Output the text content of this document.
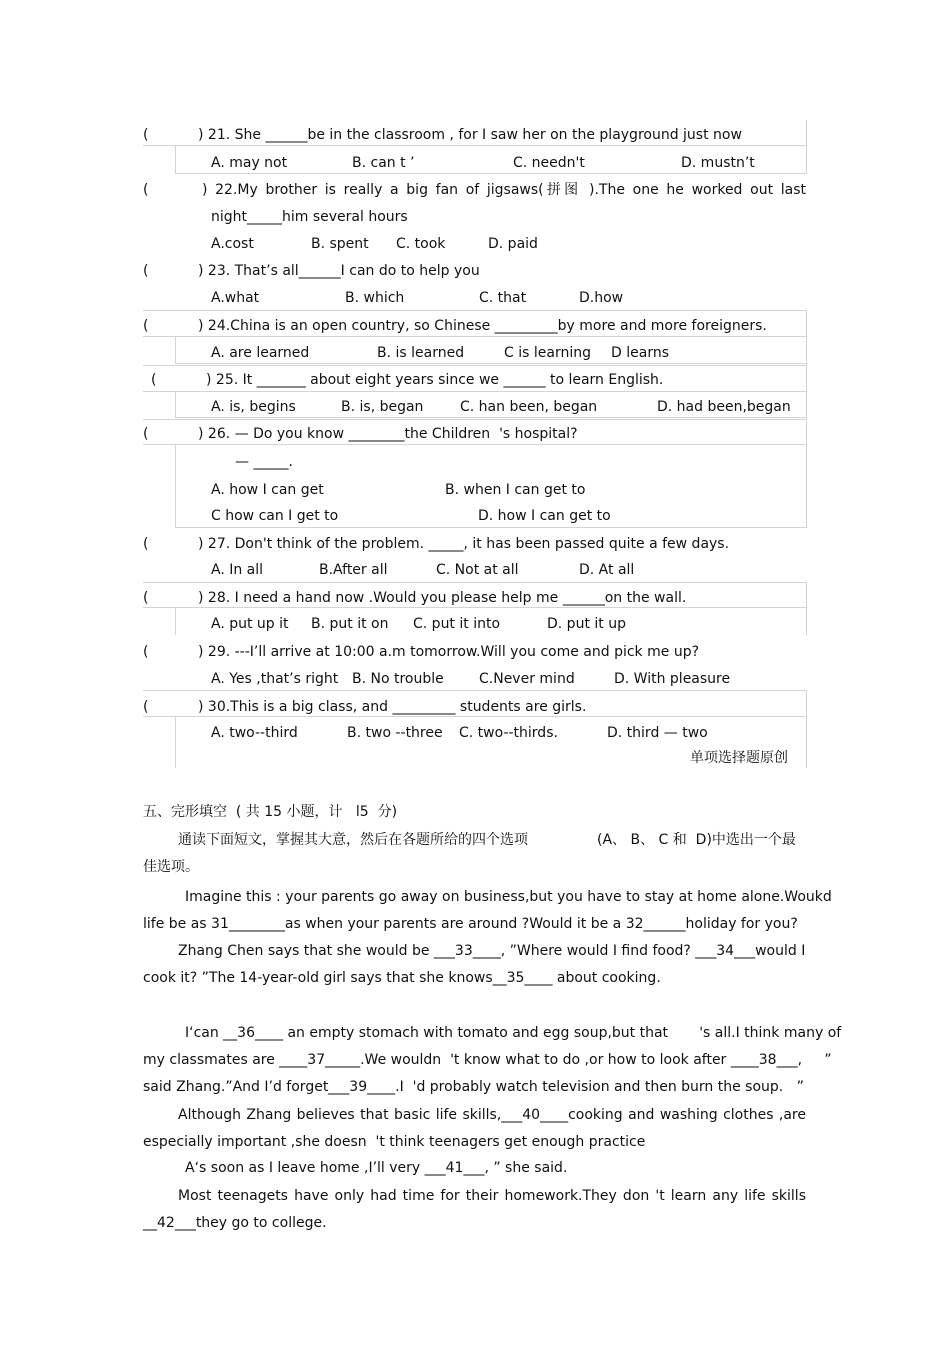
(	) 21. She ______be in the classroom , for I saw her on the playground just now
A. may not	B. can t ’	C. needn't	D. mustn’t
(	) 22.My brother is really a big fan of jigsaws(拼图 ).The one he worked out last
night_____him several hours
A.cost	B. spent C. took	D. paid
(	) 23. That’s all______I can do to help you
A.what	B. which	C. that	D.how
(	) 24.China is an open country, so Chinese _________by more and more foreigners.
A. are learned	B. is learned	C is learning D learns
(	) 25. It _______ about eight years since we ______ to learn English.
A. is, begins	B. is, began	C. han been, began	D. had been,began
(	) 26. — Do you know ________the Children  's hospital?
— _____.
A. how I can get	B. when I can get to
C how can I get to	D. how I can get to
(	) 27. Don't think of the problem. _____, it has been passed quite a few days.
A. In all	B.After all	C. Not at all	D. At all
(	) 28. I need a hand now .Would you please help me ______on the wall.
A. put up it B. put it on C. put it into	D. put it up
(	) 29. ---I’ll arrive at 10:00 a.m tomorrow.Will you come and pick me up?
A. Yes ,that’s right B. No trouble	C.Never mind	D. With pleasure
(	) 30.This is a big class, and _________ students are girls.
A. two--third	B. two --three C. two--thirds.	D. third — two
单项选择题原创
五、完形填空  ( 共 15 小题，计   l5  分)
通读下面短文，掌握其大意，然后在各题所给的四个选项	(A、 B、 C 和  D)中选出一个最
佳选项。
Imagine this : your parents go away on business,but you have to stay at home alone.Woukd
life be as 31________as when your parents are around ?Would it be a 32______holiday for you?
Zhang Chen says that she would be ___33____, ”Where would I find food? ___34___would I
cook it? ”The 14-year-old girl says that she knows__35____ about cooking.
I‘can __36____ an empty stomach with tomato and egg soup,but that       's all.I think many of
my classmates are ____37_____.We wouldn  't know what to do ,or how to look after ____38___,     ”
said Zhang.”And I’d forget___39____.I  'd probably watch television and then burn the soup.   ”
Although Zhang believes that basic life skills,___40____cooking and washing clothes ,are
especially important ,she doesn  't think teenagers get enough practice
A‘s soon as I leave home ,I’ll very ___41___, ” she said.
Most teenagets have only had time for their homework.They don 't learn any life skills
__42___they go to college.
